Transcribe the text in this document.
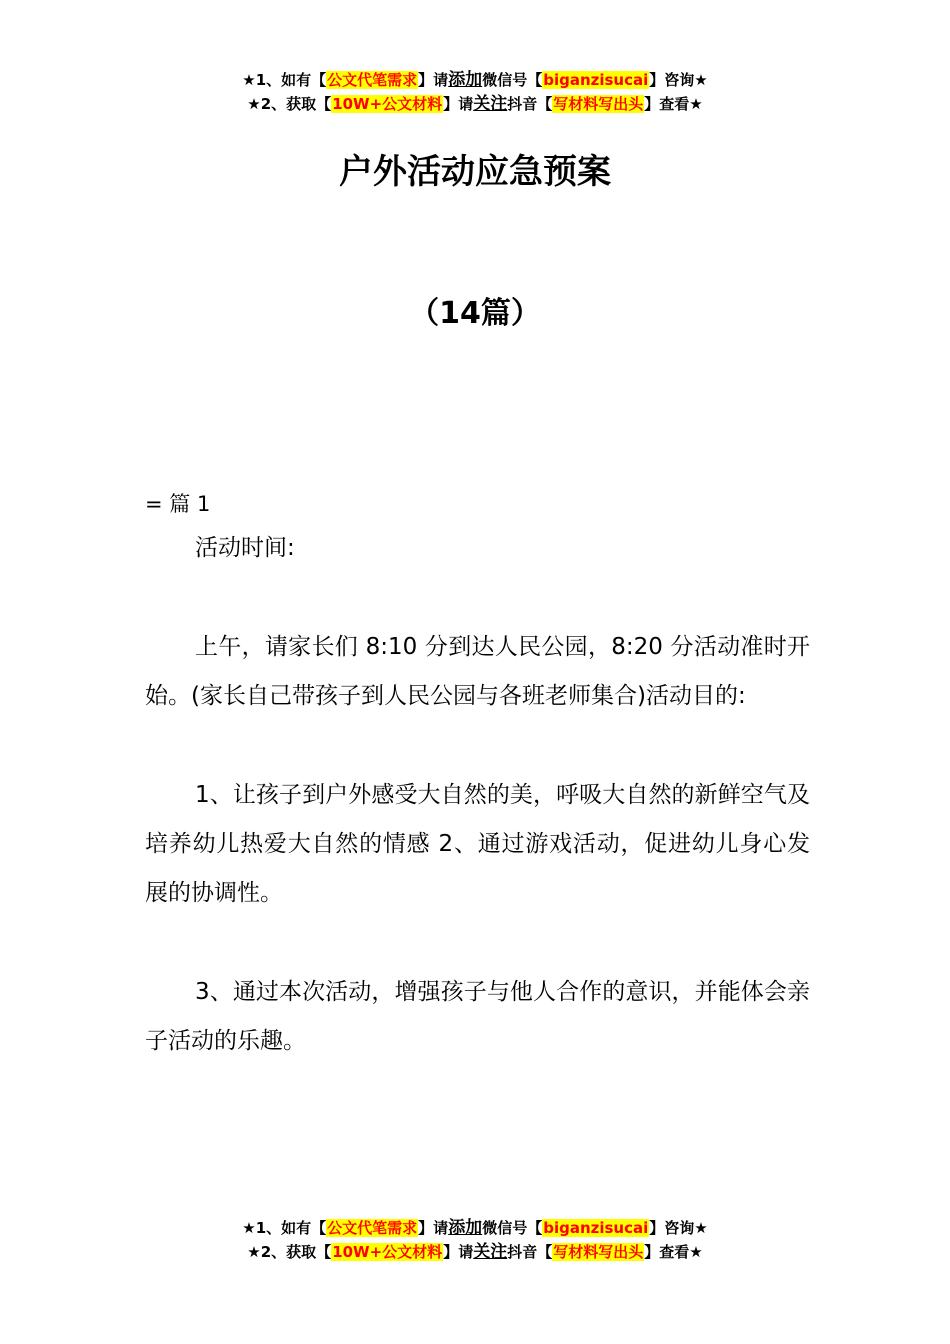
★1、如有【公文代笔需求】请添加微信号【biganzisucai】咨询★
★2、获取【10W+公文材料】请关注抖音【写材料写出头】查看★
户外活动应急预案
（14篇）

= 篇 1

活动时间:

上午，请家长们 8:10 分到达人民公园，8:20 分活动准时开始。(家长自己带孩子到人民公园与各班老师集合)活动目的:

1、让孩子到户外感受大自然的美，呼吸大自然的新鲜空气及培养幼儿热爱大自然的情感 2、通过游戏活动，促进幼儿身心发展的协调性。

3、通过本次活动，增强孩子与他人合作的意识，并能体会亲子活动的乐趣。

★1、如有【公文代笔需求】请添加微信号【biganzisucai】咨询★
★2、获取【10W+公文材料】请关注抖音【写材料写出头】查看★
